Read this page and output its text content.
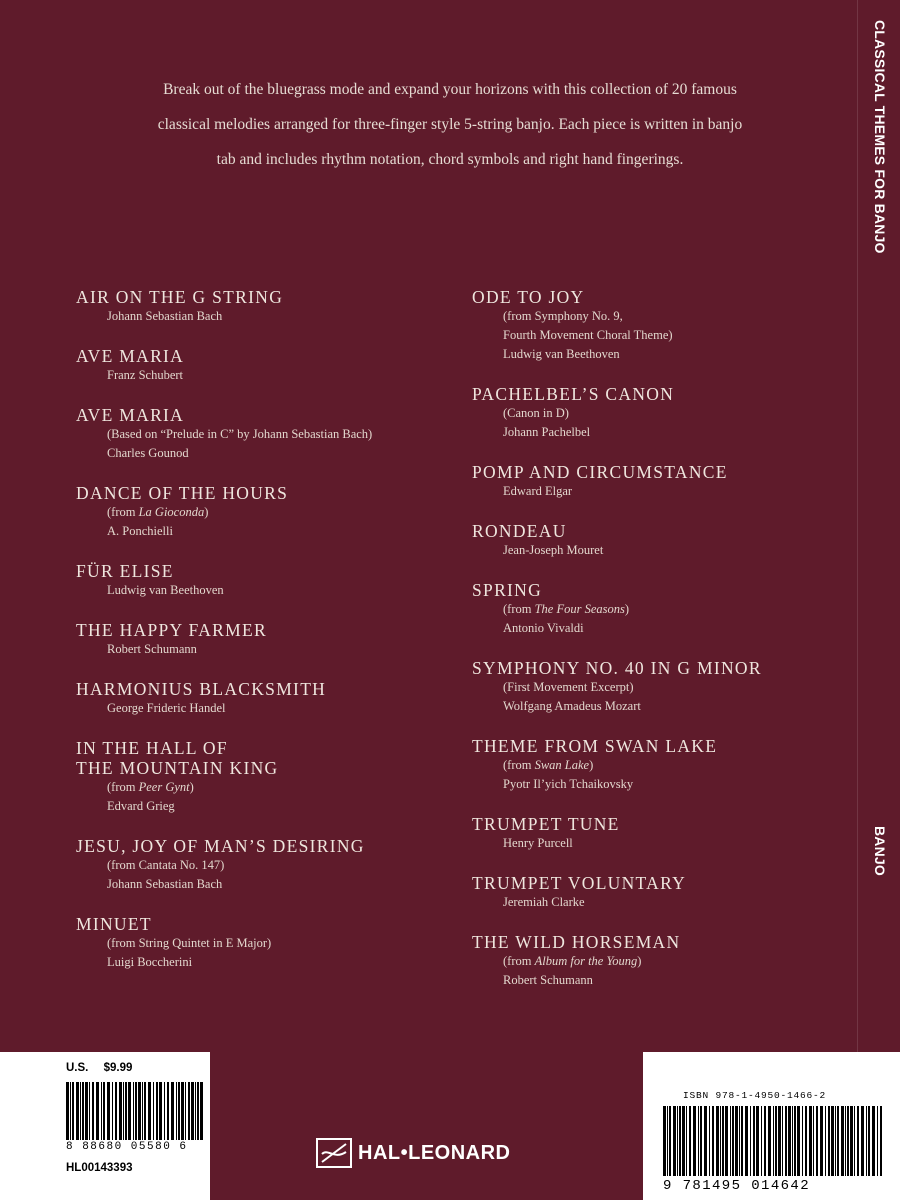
CLASSICAL THEMES FOR BANJO
BANJO
Break out of the bluegrass mode and expand your horizons with this collection of 20 famous classical melodies arranged for three-finger style 5-string banjo. Each piece is written in banjo tab and includes rhythm notation, chord symbols and right hand fingerings.
AIR ON THE G STRING
Johann Sebastian Bach
AVE MARIA
Franz Schubert
AVE MARIA
(Based on “Prelude in C” by Johann Sebastian Bach)
Charles Gounod
DANCE OF THE HOURS
(from La Gioconda)
A. Ponchielli
FÜR ELISE
Ludwig van Beethoven
THE HAPPY FARMER
Robert Schumann
HARMONIUS BLACKSMITH
George Frideric Handel
IN THE HALL OF
THE MOUNTAIN KING
(from Peer Gynt)
Edvard Grieg
JESU, JOY OF MAN’S DESIRING
(from Cantata No. 147)
Johann Sebastian Bach
MINUET
(from String Quintet in E Major)
Luigi Boccherini
ODE TO JOY
(from Symphony No. 9,
Fourth Movement Choral Theme)
Ludwig van Beethoven
PACHELBEL’S CANON
(Canon in D)
Johann Pachelbel
POMP AND CIRCUMSTANCE
Edward Elgar
RONDEAU
Jean-Joseph Mouret
SPRING
(from The Four Seasons)
Antonio Vivaldi
SYMPHONY NO. 40 IN G MINOR
(First Movement Excerpt)
Wolfgang Amadeus Mozart
THEME FROM SWAN LAKE
(from Swan Lake)
Pyotr Il’yich Tchaikovsky
TRUMPET TUNE
Henry Purcell
TRUMPET VOLUNTARY
Jeremiah Clarke
THE WILD HORSEMAN
(from Album for the Young)
Robert Schumann
U.S. $9.99
8 88680 05580 6
HL00143393
HAL•LEONARD
ISBN 978-1-4950-1466-2
9 781495 014642
